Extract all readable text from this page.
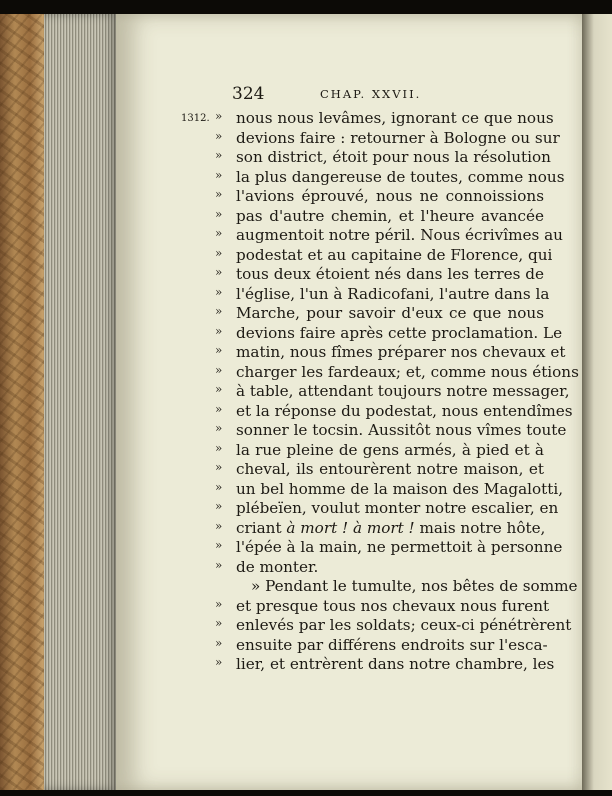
324	CHAP. XXVII.
1312. » nous nous levâmes, ignorant ce que nous
» devions faire : retourner à Bologne ou sur
» son district, étoit pour nous la résolution
» la plus dangereuse de toutes, comme nous
» l'avions éprouvé, nous ne connoissions
» pas d'autre chemin, et l'heure avancée
» augmentoit notre péril. Nous écrivîmes au
» podestat et au capitaine de Florence, qui
» tous deux étoient nés dans les terres de
» l'église, l'un à Radicofani, l'autre dans la
» Marche, pour savoir d'eux ce que nous
» devions faire après cette proclamation. Le
» matin, nous fîmes préparer nos chevaux et
» charger les fardeaux; et, comme nous étions
» à table, attendant toujours notre messager,
» et la réponse du podestat, nous entendîmes
» sonner le tocsin. Aussitôt nous vîmes toute
» la rue pleine de gens armés, à pied et à
» cheval, ils entourèrent notre maison, et
» un bel homme de la maison des Magalotti,
» plébeïen, voulut monter notre escalier, en
» criant à mort ! à mort ! mais notre hôte,
» l'épée à la main, ne permettoit à personne
» de monter.
» Pendant le tumulte, nos bêtes de somme
» et presque tous nos chevaux nous furent
» enlevés par les soldats; ceux-ci pénétrèrent
» ensuite par différens endroits sur l'esca-
» lier, et entrèrent dans notre chambre, les
